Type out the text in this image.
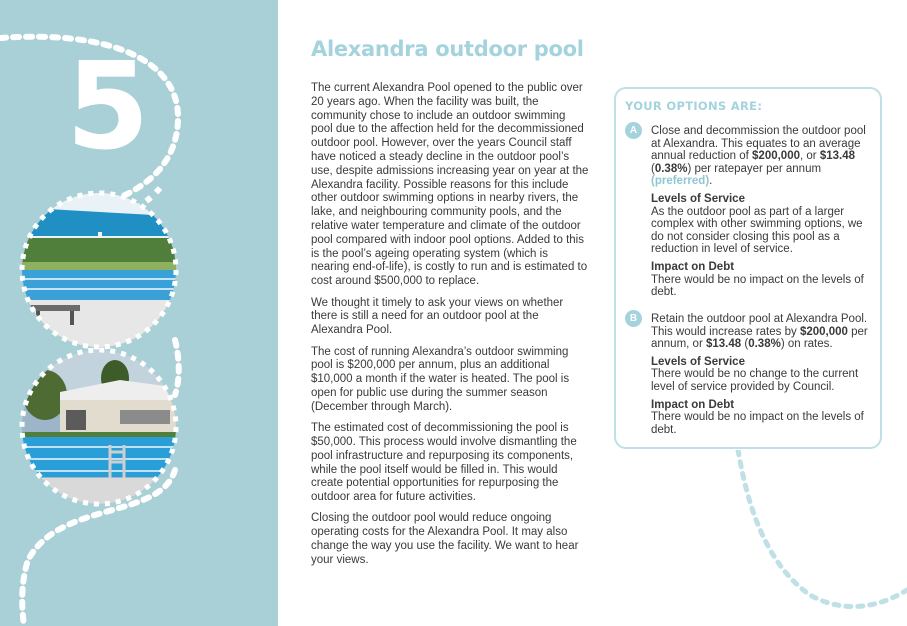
5	Alexandra outdoor pool

The current Alexandra Pool opened to the public over 20 years ago. When the facility was built, the community chose to include an outdoor swimming pool due to the affection held for the decommissioned outdoor pool. However, over the years Council staff have noticed a steady decline in the outdoor pool’s use, despite admissions increasing year on year at the Alexandra facility. Possible reasons for this include other outdoor swimming options in nearby rivers, the lake, and neighbouring community pools, and the relative water temperature and climate of the outdoor pool compared with indoor pool options. Added to this is the pool’s ageing operating system (which is nearing end-of-life), is costly to run and is estimated to cost around $500,000 to replace.

We thought it timely to ask your views on whether there is still a need for an outdoor pool at the Alexandra Pool.

The cost of running Alexandra’s outdoor swimming pool is $200,000 per annum, plus an additional $10,000 a month if the water is heated. The pool is open for public use during the summer season (December through March).

The estimated cost of decommissioning the pool is $50,000. This process would involve dismantling the pool infrastructure and repurposing its components, while the pool itself would be filled in. This would create potential opportunities for repurposing the outdoor area for future activities.

Closing the outdoor pool would reduce ongoing operating costs for the Alexandra Pool. It may also change the way you use the facility. We want to hear your views.

YOUR OPTIONS ARE:
A	Close and decommission the outdoor pool at Alexandra. This equates to an average annual reduction of $200,000, or $13.48 (0.38%) per ratepayer per annum (preferred).

Levels of Service

As the outdoor pool as part of a larger complex with other swimming options, we do not consider closing this pool as a reduction in level of service.

Impact on Debt

There would be no impact on the levels of debt.

B	Retain the outdoor pool at Alexandra Pool. This would increase rates by $200,000 per annum, or $13.48 (0.38%) on rates.

Levels of Service

There would be no change to the current level of service provided by Council.

Impact on Debt

There would be no impact on the levels of debt.
